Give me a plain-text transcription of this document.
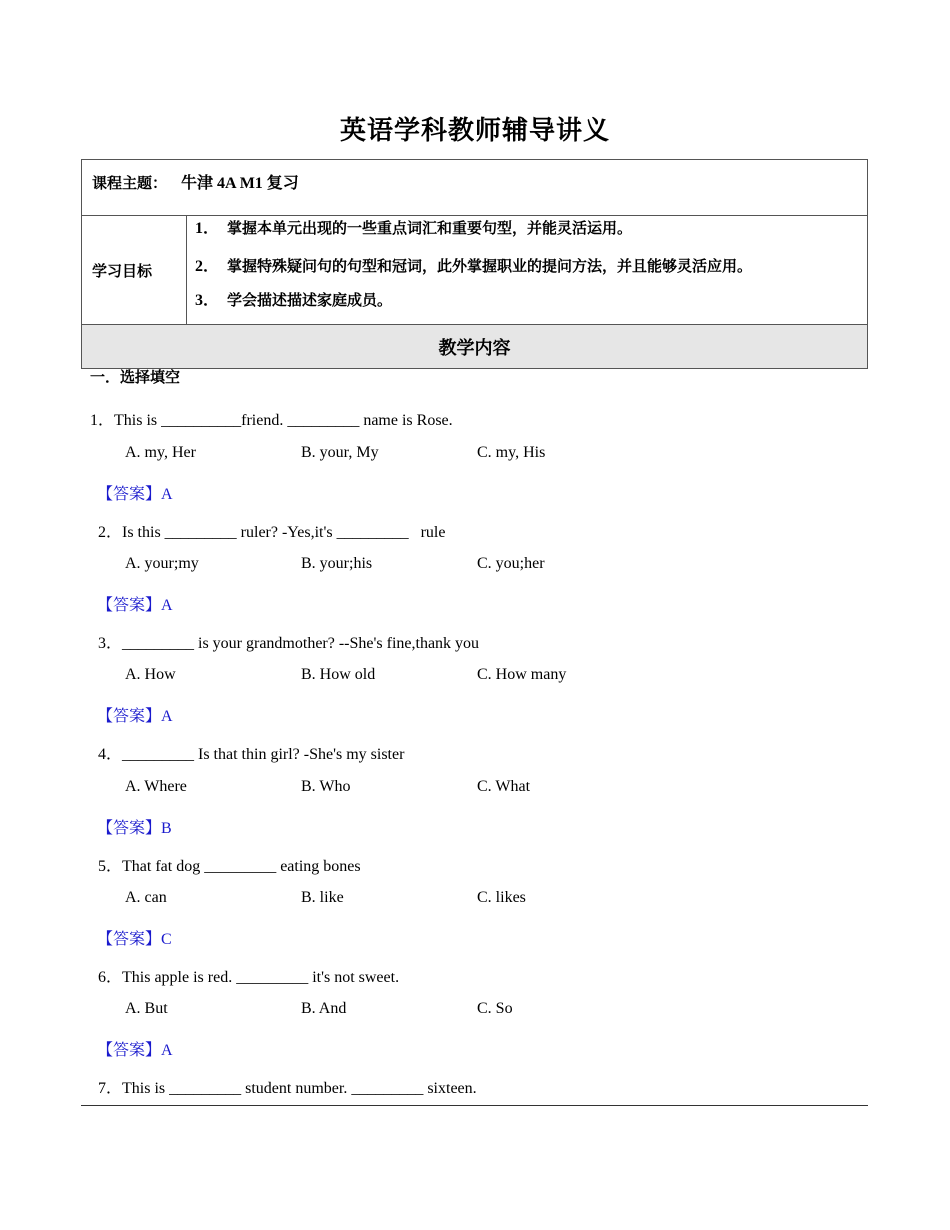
英语学科教师辅导讲义
课程主题： 牛津 4A M1 复习
学习目标	
1． 掌握本单元出现的一些重点词汇和重要句型，并能灵活运用。
2． 掌握特殊疑问句的句型和冠词，此外掌握职业的提问方法，并且能够灵活应用。
3． 学会描述描述家庭成员。

教学内容
一．选择填空
1．This is __________friend. _________ name is Rose.
A. my, Her	B. your, My	C. my, His
【答案】A
2．Is this _________ ruler? -Yes,it's _________   rule
A. your;my	B. your;his	C. you;her
【答案】A
3．_________ is your grandmother? --She's fine,thank you
A. How	B. How old	C. How many
【答案】A
4．_________ Is that thin girl? -She's my sister
A. Where	B. Who	C. What
【答案】B
5．That fat dog _________ eating bones
A. can	B. like	C. likes
【答案】C
6．This apple is red. _________ it's not sweet.
A. But	B. And	C. So
【答案】A
7．This is _________ student number. _________ sixteen.
